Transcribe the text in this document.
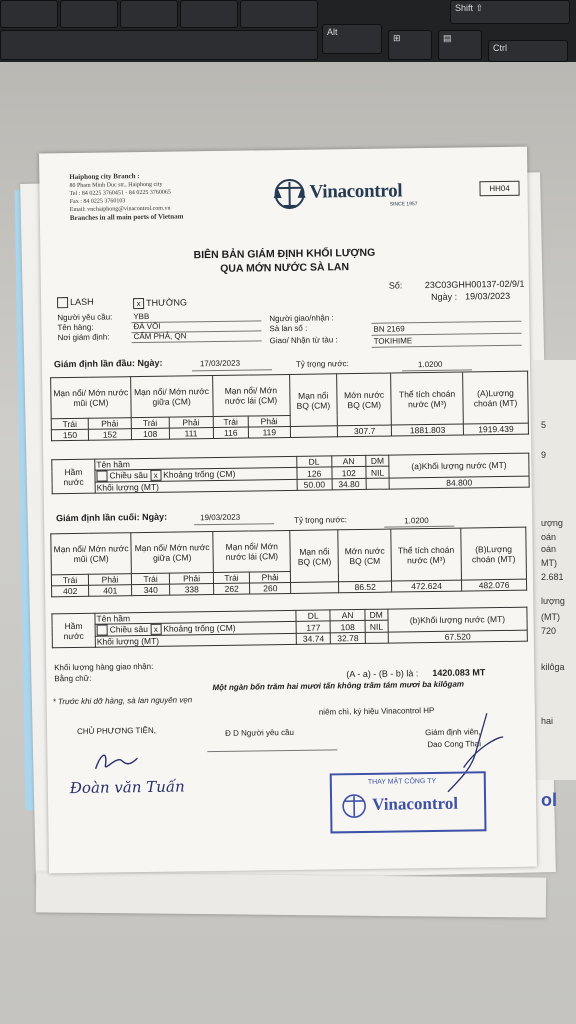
Alt
⊞	▤
Ctrl
Shift ⇧
ượng
oán
oán
MT)
2.681
lượng
(MT)
720
kilôga
hai
ol
5
9
Haiphong city Branch :
80 Pham Minh Duc str., Haiphong city
Tel : 84 0225 3760451 - 84 0225 3760065
Fax : 84 0225 3760103
Email: vnchaiphong@vinacontrol.com.vn
Branches in all main ports of Vietnam
Vinacontrol
SINCE 1957
HH04
BIÊN BẢN GIÁM ĐỊNH KHỐI LƯỢNG
QUA MỚN NƯỚC SÀ LAN
Số: 23C03GHH00137-02/9/1
Ngày : 19/03/2023
LASH	x THƯỜNG
Người yêu cầu:	YBB
Tên hàng:	ĐÁ VÔI
Nơi giám định:	CẨM PHẢ, QN
Người giao/nhận :
Sà lan số :	BN 2169
Giao/ Nhận từ tàu :	TOKIHIME
Giám định lần đầu: Ngày:	17/03/2023	Tỷ trọng nước:	1.0200
Mạn nổi/ Mớn nước mũi (CM)		Mạn nổi/ Mớn nước giữa (CM)		Mạn nổi/ Mớn nước lái (CM)		Mạn nổi BQ (CM)	Mớn nước BQ (CM)	Thể tích choán nước (M³)	(A)Lượng choán (MT)
Trái	Phải	Trái	Phải	Trái	Phải				
150	152	108	111	116	119		307.7	1881.803	1919.439
Hầm nước	Tên hầm	DL	AN	DM	(a)Khối lượng nước (MT)
	Chiều sâu x Khoảng trống (CM)	126	102	NIL	
	Khối lượng (MT)	50.00	34.80		84.800
Giám định lần cuối: Ngày:	19/03/2023	Tỷ trọng nước:	1.0200
Mạn nổi/ Mớn nước mũi (CM)		Mạn nổi/ Mớn nước giữa (CM)		Mạn nổi/ Mớn nước lái (CM)		Mạn nổi BQ (CM)	Mớn nước BQ (CM	Thể tích choán nước (M³)	(B)Lượng choán (MT)
Trái	Phải	Trái	Phải	Trái	Phải				
402	401	340	338	262	260		86.52	472.624	482.076
Hầm nước	Tên hầm	DL	AN	DM	(b)Khối lượng nước (MT)
	Chiều sâu x Khoảng trống (CM)	177	108	NIL	
	Khối lượng (MT)	34.74	32.78		67.520
Khối lượng hàng giao nhận:
Bằng chữ:	(A - a) - (B - b) là : 1420.083 MT
Một ngàn bốn trăm hai mươi tấn không trăm tám mươi ba kilôgam
* Trước khi dỡ hàng, sà lan nguyên vẹn
niêm chì, ký hiệu Vinacontrol HP
CHỦ PHƯƠNG TIỆN,	Đ D Người yêu cầu	Giám định viên,
Dao Cong Thai
Đoàn văn Tuấn	THAY MẶT CÔNG TY
Vinacontrol
